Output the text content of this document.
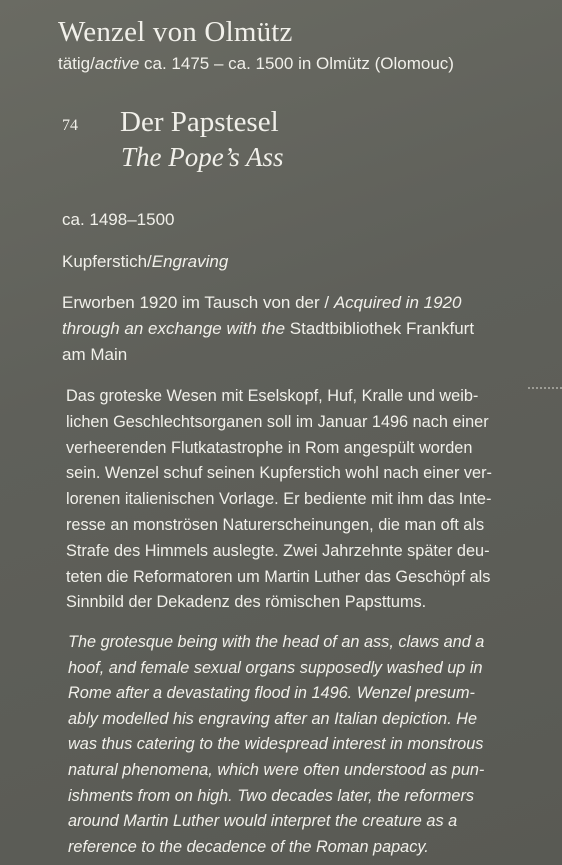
Wenzel von Olmütz
tätig/active ca. 1475 – ca. 1500 in Olmütz (Olomouc)
74 Der Papstesel
The Pope’s Ass
ca. 1498–1500
Kupferstich/Engraving
Erworben 1920 im Tausch von der / Acquired in 1920
through an exchange with the Stadtbibliothek Frankfurt
am Main
Das groteske Wesen mit Eselskopf, Huf, Kralle und weib-
lichen Geschlechtsorganen soll im Januar 1496 nach einer
verheerenden Flutkatastrophe in Rom angespült worden
sein. Wenzel schuf seinen Kupferstich wohl nach einer ver-
lorenen italienischen Vorlage. Er bediente mit ihm das Inte-
resse an monströsen Naturerscheinungen, die man oft als
Strafe des Himmels auslegte. Zwei Jahrzehnte später deu-
teten die Reformatoren um Martin Luther das Geschöpf als
Sinnbild der Dekadenz des römischen Papsttums.
The grotesque being with the head of an ass, claws and a
hoof, and female sexual organs supposedly washed up in
Rome after a devastating flood in 1496. Wenzel presum-
ably modelled his engraving after an Italian depiction. He
was thus catering to the widespread interest in monstrous
natural phenomena, which were often understood as pun-
ishments from on high. Two decades later, the reformers
around Martin Luther would interpret the creature as a
reference to the decadence of the Roman papacy.
